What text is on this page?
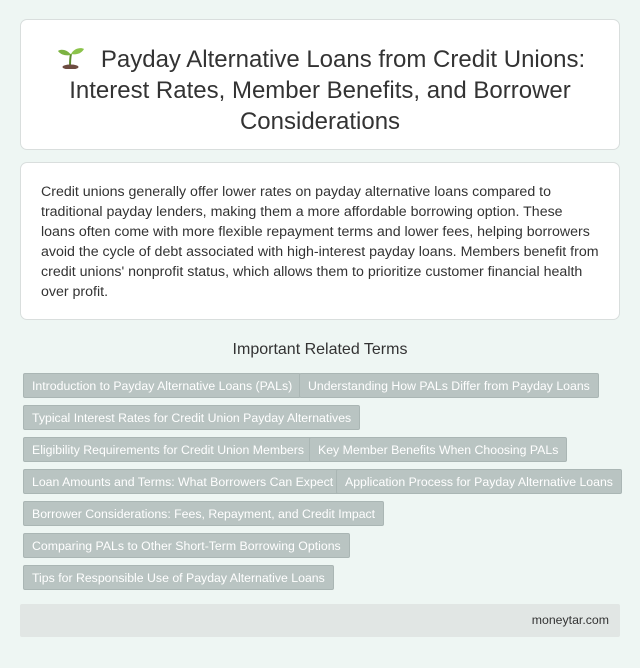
Payday Alternative Loans from Credit Unions: Interest Rates, Member Benefits, and Borrower Considerations

Credit unions generally offer lower rates on payday alternative loans compared to traditional payday lenders, making them a more affordable borrowing option. These loans often come with more flexible repayment terms and lower fees, helping borrowers avoid the cycle of debt associated with high-interest payday loans. Members benefit from credit unions' nonprofit status, which allows them to prioritize customer financial health over profit.

Important Related Terms
Introduction to Payday Alternative Loans (PALs)	Understanding How PALs Differ from Payday Loans
Typical Interest Rates for Credit Union Payday Alternatives
Eligibility Requirements for Credit Union Members	Key Member Benefits When Choosing PALs
Loan Amounts and Terms: What Borrowers Can Expect Application Process for Payday Alternative Loans
Borrower Considerations: Fees, Repayment, and Credit Impact
Comparing PALs to Other Short-Term Borrowing Options
Tips for Responsible Use of Payday Alternative Loans
moneytar.com
